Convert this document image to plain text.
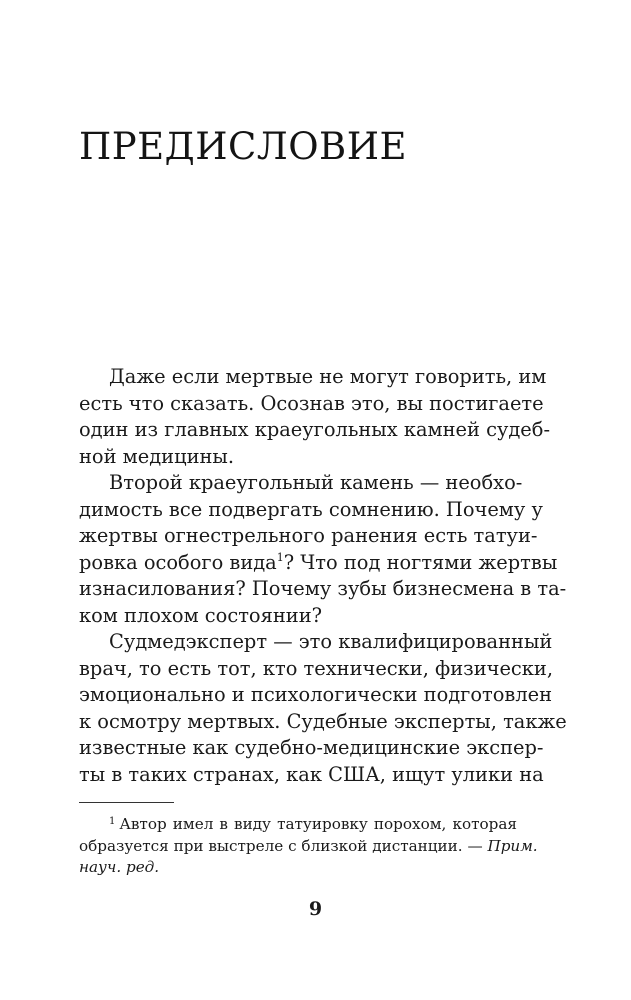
ПРЕДИСЛОВИЕ
Даже если мертвые не могут говорить, им
есть что сказать. Осознав это, вы постигаете
один из главных краеугольных камней судеб-
ной медицины.
Второй краеугольный камень — необхо-
димость все подвергать сомнению. Почему у
жертвы огнестрельного ранения есть татуи-
ровка особого вида$^1$? Что под ногтями жертвы
изнасилования? Почему зубы бизнесмена в та-
ком плохом состоянии?
Судмедэксперт — это квалифицированный
врач, то есть тот, кто технически, физически,
эмоционально и психологически подготовлен
к осмотру мертвых. Судебные эксперты, также
известные как судебно-медицинские экспер-
ты в таких странах, как США, ищут улики на
$^1$ Автор имел в виду татуировку порохом, которая
образуется при выстреле с близкой дистанции. — Прим.
науч. ред.
9
